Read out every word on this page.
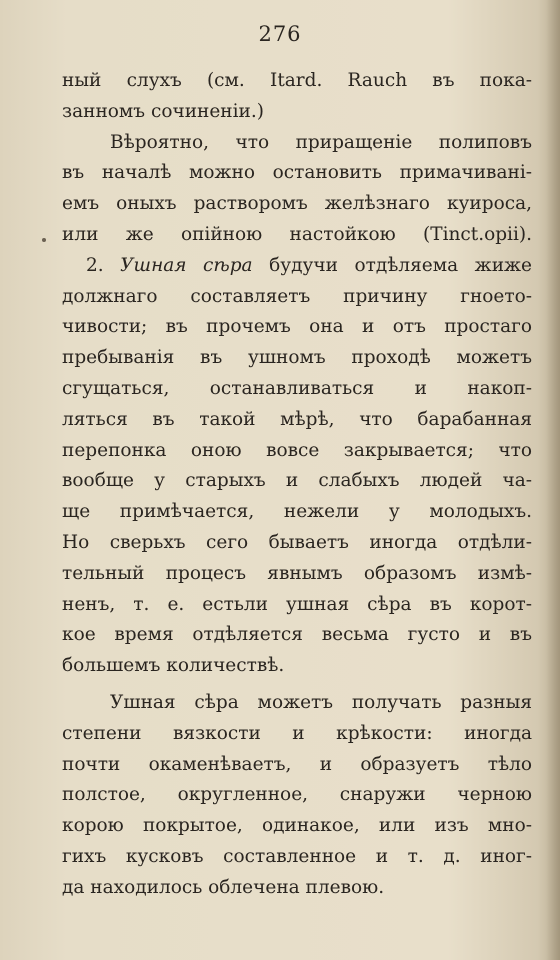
276
ный слухъ (см. Itard. Rauch въ пока-
занномъ сочиненіи.)
Вѣроятно, что приращеніе полиповъ
въ началѣ можно остановить примачивані-
емъ оныхъ растворомъ желѣзнаго куироса,
или же опійною настойкою (Tinct.opii).
2. Ушная сѣра будучи отдѣляема жиже
должнаго составляетъ причину гноето-
чивости; въ прочемъ она и отъ простаго
пребыванія въ ушномъ проходѣ можетъ
сгущаться, останавливаться и накоп-
ляться въ такой мѣрѣ, что барабанная
перепонка оною вовсе закрывается; что
вообще у старыхъ и слабыхъ людей ча-
ще примѣчается, нежели у молодыхъ.
Но сверьхъ сего бываетъ иногда отдѣли-
тельный процесъ явнымъ образомъ измѣ-
ненъ, т. е. естьли ушная сѣра въ корот-
кое время отдѣляется весьма густо и въ
большемъ количествѣ.
Ушная сѣра можетъ получать разныя
степени вязкости и крѣкости: иногда
почти окаменѣваетъ, и образуетъ тѣло
полстое, округленное, снаружи черною
корою покрытое, одинакое, или изъ мно-
гихъ кусковъ составленное и т. д. иног-
да находилось облечена плевою.
